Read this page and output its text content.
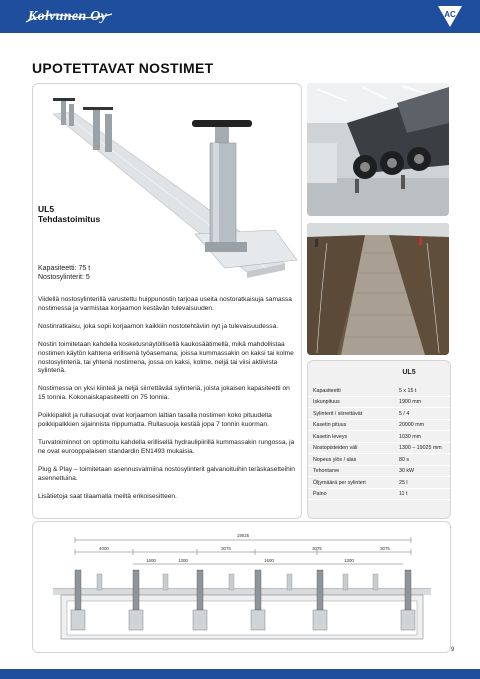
Kolvunen Oy	AC
UPOTETTAVAT NOSTIMET
UL5
Tehdastoimitus
Kapasiteetti: 75 t
Nostosylinterit: 5

Viidellä nostosylinterillä varustettu huippunostin tarjoaa useita nostoratkaisuja samassa nostimessa ja varmistaa korjaamon kestävän tulevaisuuden.

Nostinratkaisu, joka sopii korjaamon kaikkiin nostotehtäviin nyt ja tulevaisuudessa.

Nostin toimitetaan kahdella kosketusnäytöllisellä kaukosäätimellä, mikä mahdollistaa nostimen käytön kahtena erillisenä työasemana, joissa kummassakin on kaksi tai kolme nostosylinteriä, tai yhtenä nostimena, jossa on kaksi, kolme, neljä tai viisi aktiivista sylinteriä.

Nostimessa on yksi kiinteä ja neljä siirrettävää sylinteriä, joista jokaisen kapasiteetti on 15 tonnia. Kokonaiskapasiteetti on 75 tonnia.

Poikkipalkit ja rullasuojat ovat korjaamon lattian tasalla nostimen koko pituudelta poikkipalkkien sijainnista riippumatta. Rullasuoja kestää jopa 7 tonnin kuorman.

Turvatoiminnot on optimoitu kahdella erillisellä hydraulipiirillä kummassakin rungossa, ja ne ovat eurooppalaisen standardin EN1493 mukaisia.

Plug & Play – toimitetaan asennusvalmiina nostosylinterit galvanoituihin teräskasetteihin asennettuina.

Lisätietoja saat tilaamalla meiltä erikoisesitteen.

UL5
Kapasiteetti	5 x 15 t
Iskunpituus	1900 mm
Sylinterit / siirrettävät	5 / 4
Kasetin pituus	20000 mm
Kasetin leveys	1030 mm
Nostopisteiden väli	1300 – 19025 mm
Nopeus ylös / alas	80 s
Tehontarve	30 kW
Öljymäärä per sylinteri	25 l
Paino	11 t
19025
4000	3075	3075	3075
1600	1300	1600	1300
9
